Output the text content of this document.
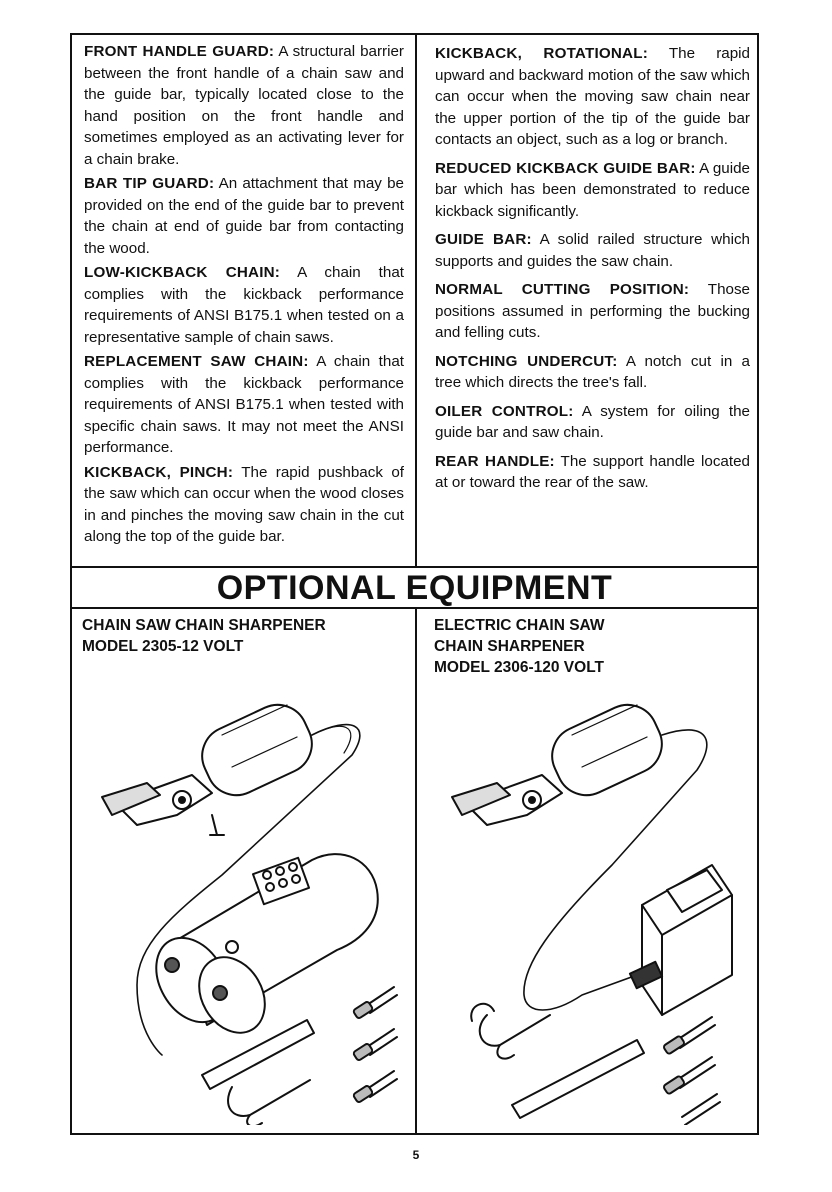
OPTIONAL EQUIPMENT

FRONT HANDLE GUARD: A structural barrier between the front handle of a chain saw and the guide bar, typically located close to the hand position on the front handle and sometimes employed as an activating lever for a chain brake.

BAR TIP GUARD: An attachment that may be provided on the end of the guide bar to prevent the chain at end of guide bar from contacting the wood.

LOW-KICKBACK CHAIN: A chain that complies with the kickback performance requirements of ANSI B175.1 when tested on a representative sample of chain saws.

REPLACEMENT SAW CHAIN: A chain that complies with the kickback performance requirements of ANSI B175.1 when tested with specific chain saws. It may not meet the ANSI performance.

KICKBACK, PINCH: The rapid pushback of the saw which can occur when the wood closes in and pinches the moving saw chain in the cut along the top of the guide bar.

KICKBACK, ROTATIONAL: The rapid upward and backward motion of the saw which can occur when the moving saw chain near the upper portion of the tip of the guide bar contacts an object, such as a log or branch.

REDUCED KICKBACK GUIDE BAR: A guide bar which has been demonstrated to reduce kickback significantly.

GUIDE BAR: A solid railed structure which supports and guides the saw chain.

NORMAL CUTTING POSITION: Those positions assumed in performing the bucking and felling cuts.

NOTCHING UNDERCUT: A notch cut in a tree which directs the tree's fall.

OILER CONTROL: A system for oiling the guide bar and saw chain.

REAR HANDLE: The support handle located at or toward the rear of the saw.

CHAIN SAW CHAIN SHARPENER
MODEL 2305-12 VOLT
ELECTRIC CHAIN SAW
CHAIN SHARPENER
MODEL 2306-120 VOLT
5
